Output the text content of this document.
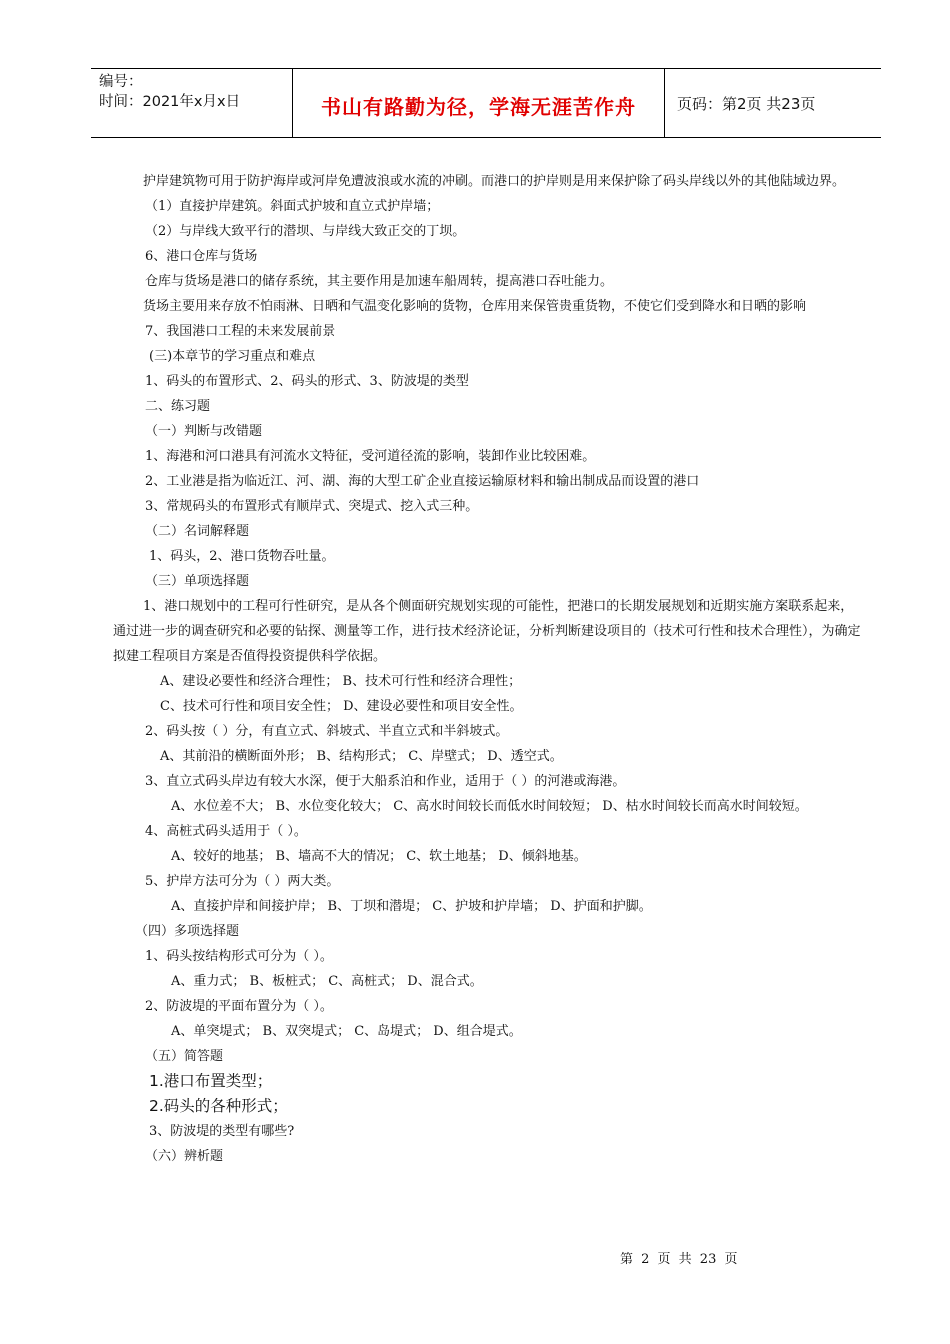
编号：
时间：2021年x月x日	书山有路勤为径，学海无涯苦作舟	页码：第2页 共23页

护岸建筑物可用于防护海岸或河岸免遭波浪或水流的冲刷。而港口的护岸则是用来保护除了码头岸线以外的其他陆域边界。

（1）直接护岸建筑。斜面式护坡和直立式护岸墙；

（2）与岸线大致平行的潜坝、与岸线大致正交的丁坝。

6、港口仓库与货场

仓库与货场是港口的储存系统，其主要作用是加速车船周转，提高港口吞吐能力。

货场主要用来存放不怕雨淋、日晒和气温变化影响的货物，仓库用来保管贵重货物，不使它们受到降水和日晒的影响

7、我国港口工程的未来发展前景

(三)本章节的学习重点和难点

1、码头的布置形式、2、码头的形式、3、防波堤的类型

二、练习题

（一）判断与改错题

1、海港和河口港具有河流水文特征，受河道径流的影响，装卸作业比较困难。

2、工业港是指为临近江、河、湖、海的大型工矿企业直接运输原材料和输出制成品而设置的港口

3、常规码头的布置形式有顺岸式、突堤式、挖入式三种。

（二）名词解释题

1、码头，2、港口货物吞吐量。

（三）单项选择题

1、港口规划中的工程可行性研究，是从各个侧面研究规划实现的可能性，把港口的长期发展规划和近期实施方案联系起来，通过进一步的调查研究和必要的钻探、测量等工作，进行技术经济论证，分析判断建设项目的（技术可行性和技术合理性），为确定拟建工程项目方案是否值得投资提供科学依据。

A、建设必要性和经济合理性； B、技术可行性和经济合理性；

C、技术可行性和项目安全性； D、建设必要性和项目安全性。

2、码头按（ ）分，有直立式、斜坡式、半直立式和半斜坡式。

A、其前沿的横断面外形； B、结构形式； C、岸壁式； D、透空式。

3、直立式码头岸边有较大水深，便于大船系泊和作业，适用于（ ）的河港或海港。

A、水位差不大； B、水位变化较大； C、高水时间较长而低水时间较短； D、枯水时间较长而高水时间较短。

4、高桩式码头适用于（ ）。

A、较好的地基； B、墙高不大的情况； C、软土地基； D、倾斜地基。

5、护岸方法可分为（ ）两大类。

A、直接护岸和间接护岸； B、丁坝和潜堤； C、护坡和护岸墙； D、护面和护脚。

（四）多项选择题

1、码头按结构形式可分为（ ）。

A、重力式； B、板桩式； C、高桩式； D、混合式。

2、防波堤的平面布置分为（ ）。

A、单突堤式； B、双突堤式； C、岛堤式； D、组合堤式。

（五）简答题

1.港口布置类型；

2.码头的各种形式；

3、防波堤的类型有哪些?

（六）辨析题

第 2 页 共 23 页
